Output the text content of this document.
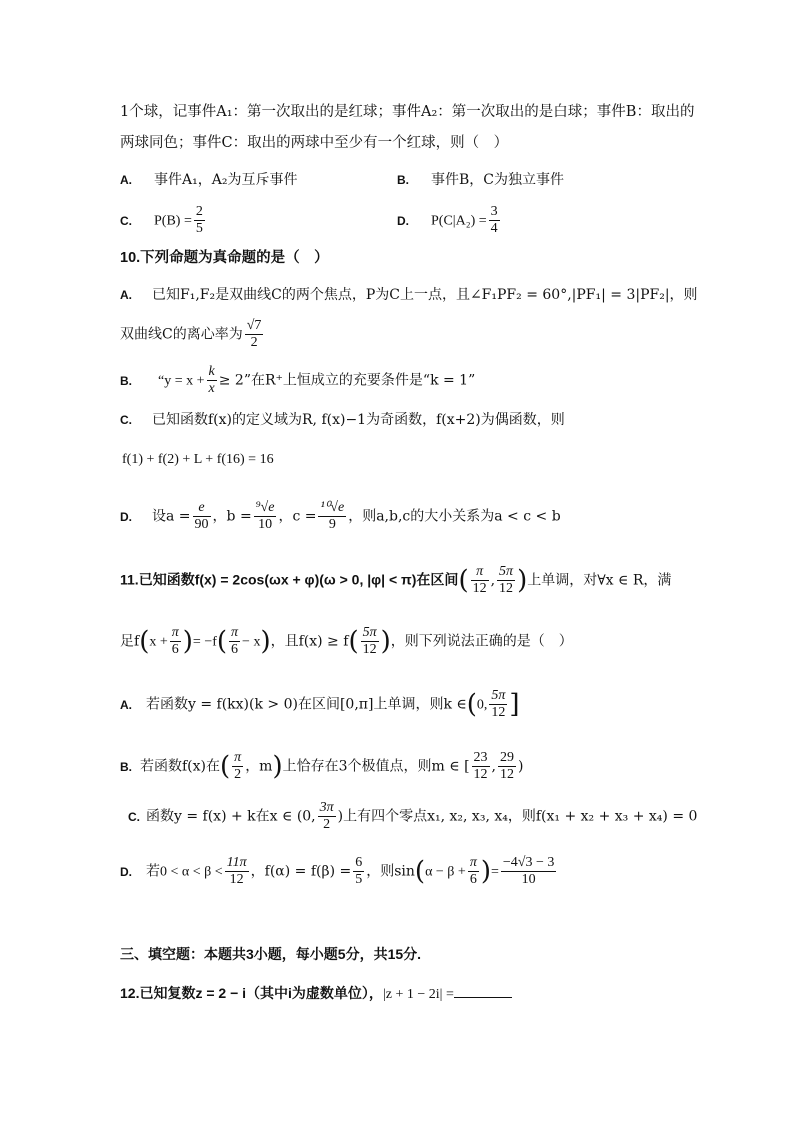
1个球，记事件A₁：第一次取出的是红球；事件A₂：第一次取出的是白球；事件B：取出的
两球同色；事件C：取出的两球中至少有一个红球，则（　）
A. 事件A₁，A₂为互斥事件	B. 事件B，C为独立事件
C. $P(B) = \frac{2}{5}$	D. $P(C|A_2) = \frac{3}{4}$
10.下列命题为真命题的是（　）
A. 已知F₁,F₂是双曲线C的两个焦点，P为C上一点，且∠F₁PF₂ = 60°,|PF₁| = 3|PF₂|，则
双曲线C的离心率为 $\frac{√7}{2}$
B. “$y = x + \frac{k}{x} \ge 2$”在R⁺上恒成立的充要条件是“k = 1”
C. 已知函数f(x)的定义域为R, f(x)−1为奇函数，f(x+2)为偶函数，则
f(1) + f(2) + L + f(16) = 16
D. 设$a = \frac{e}{90}$ ，$b = \frac{\text{⁹√e}}{10}$ ，$c = \frac{\text{¹⁰√e}}{9}$ ，则a,b,c的大小关系为a < c < b
11.已知函数f(x) = 2cos(ωx + φ)(ω > 0, |φ| < π)在区间( $\frac{\pi}{12}$ , $\frac{5\pi}{12}$ )上单调，对∀x ∈ R，满
足$f(x + \frac{\pi}{6}$ )= $-f( \frac{\pi}{6} - x)$，且$f(x) \ge f( \frac{5\pi}{12}$ )，则下列说法正确的是（　）
A. 若函数y = f(kx)(k > 0)在区间[0,π]上单调，则k ∈(0, $\frac{5\pi}{12}$ ]
B. 若函数f(x)在( $\frac{\pi}{2}$ ，m)上恰存在3个极值点，则m ∈ [ $\frac{23}{12}$ , $\frac{29}{12}$ )
C. 函数y = f(x) + k在x ∈ (0, $\frac{3\pi}{2}$ )上有四个零点x₁, x₂, x₃, x₄，则f(x₁ + x₂ + x₃ + x₄) = 0
D. 若$0 < \alpha < \beta < \frac{11\pi}{12}$ ，$f(\alpha) = f(\beta) = \frac{6}{5}$ ，则$\sin(\alpha - \beta + \frac{\pi}{6}$ )= $\frac{-4√3 - 3}{10}$
三、填空题：本题共3小题，每小题5分，共15分.
12.已知复数z = 2 − i（其中i为虚数单位），|z + 1 − 2i| =
